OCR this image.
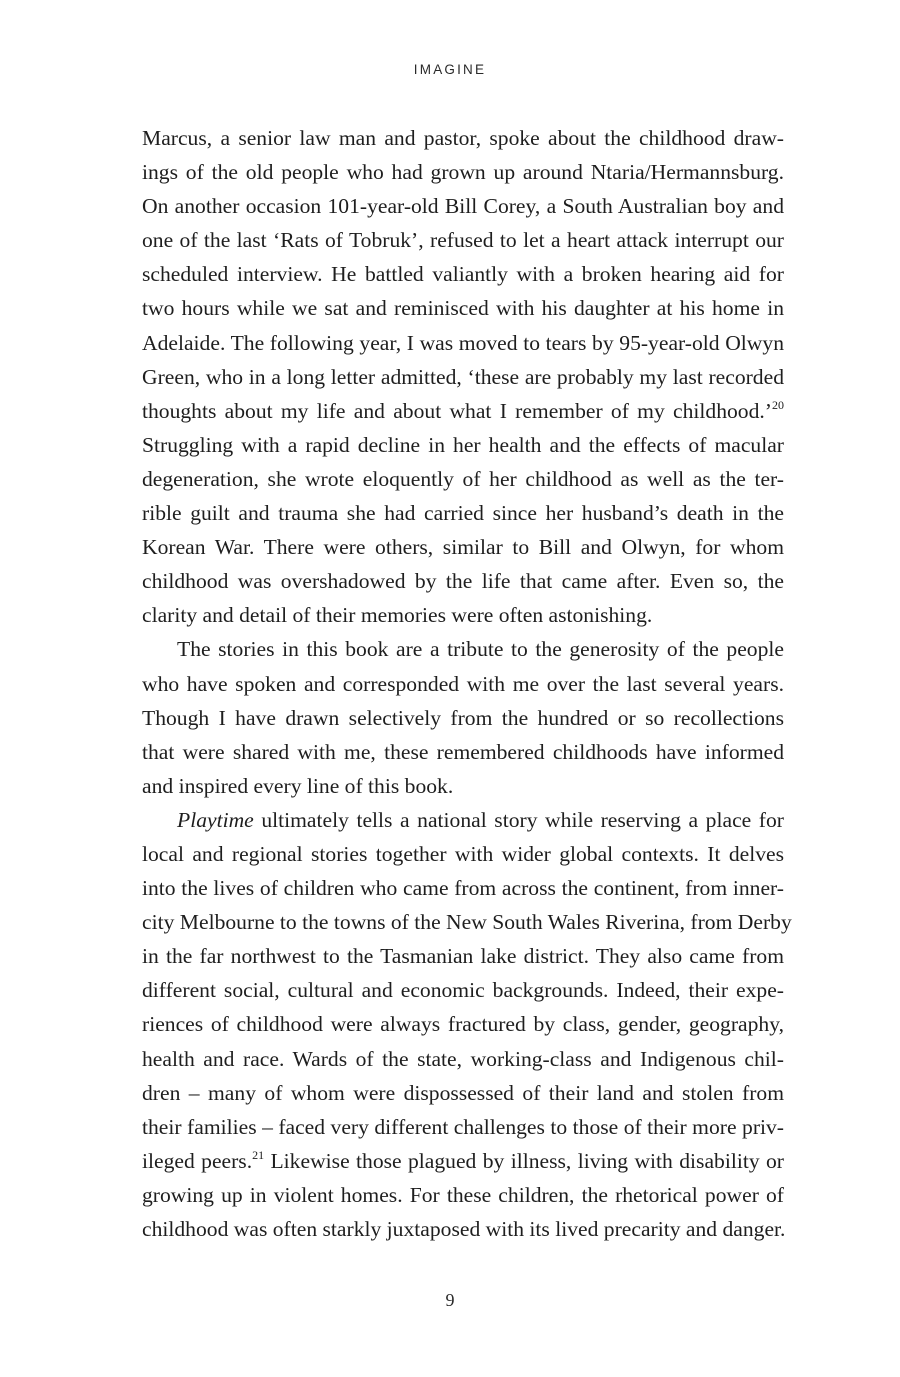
IMAGINE
Marcus, a senior law man and pastor, spoke about the childhood draw-
ings of the old people who had grown up around Ntaria/Hermannsburg.
On another occasion 101-year-old Bill Corey, a South Australian boy and
one of the last ‘Rats of Tobruk’, refused to let a heart attack interrupt our
scheduled interview. He battled valiantly with a broken hearing aid for
two hours while we sat and reminisced with his daughter at his home in
Adelaide. The following year, I was moved to tears by 95-year-old Olwyn
Green, who in a long letter admitted, ‘these are probably my last recorded
thoughts about my life and about what I remember of my childhood.’$^{20}$
Struggling with a rapid decline in her health and the effects of macular
degeneration, she wrote eloquently of her childhood as well as the ter-
rible guilt and trauma she had carried since her husband’s death in the
Korean War. There were others, similar to Bill and Olwyn, for whom
childhood was overshadowed by the life that came after. Even so, the
clarity and detail of their memories were often astonishing.
The stories in this book are a tribute to the generosity of the people
who have spoken and corresponded with me over the last several years.
Though I have drawn selectively from the hundred or so recollections
that were shared with me, these remembered childhoods have informed
and inspired every line of this book.
Playtime ultimately tells a national story while reserving a place for
local and regional stories together with wider global contexts. It delves
into the lives of children who came from across the continent, from inner-
city Melbourne to the towns of the New South Wales Riverina, from Derby
in the far northwest to the Tasmanian lake district. They also came from
different social, cultural and economic backgrounds. Indeed, their expe-
riences of childhood were always fractured by class, gender, geography,
health and race. Wards of the state, working-class and Indigenous chil-
dren – many of whom were dispossessed of their land and stolen from
their families – faced very different challenges to those of their more priv-
ileged peers.$^{21}$ Likewise those plagued by illness, living with disability or
growing up in violent homes. For these children, the rhetorical power of
childhood was often starkly juxtaposed with its lived precarity and danger.
9
